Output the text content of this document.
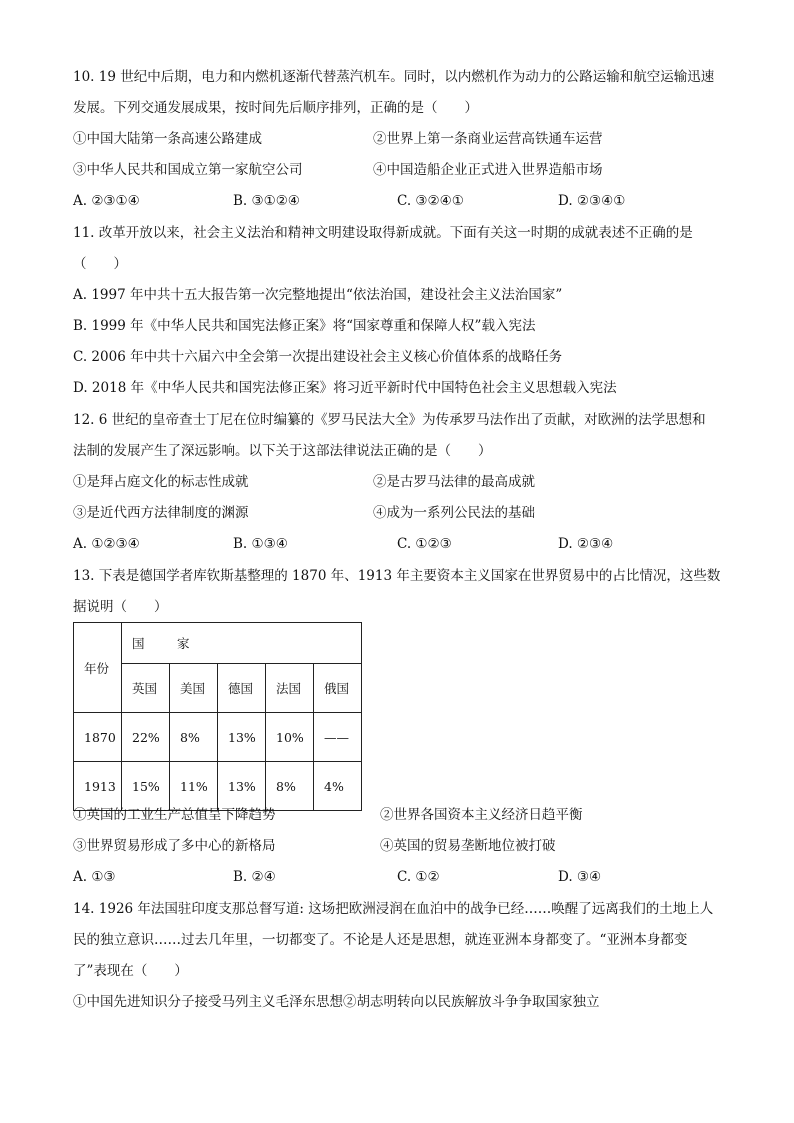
10. 19 世纪中后期，电力和内燃机逐渐代替蒸汽机车。同时，以内燃机作为动力的公路运输和航空运输迅速
发展。下列交通发展成果，按时间先后顺序排列，正确的是（　　）
①中国大陆第一条高速公路建成	②世界上第一条商业运营高铁通车运营
③中华人民共和国成立第一家航空公司	④中国造船企业正式进入世界造船市场
A. ②③①④	B. ③①②④	C. ③②④①	D. ②③④①
11. 改革开放以来，社会主义法治和精神文明建设取得新成就。下面有关这一时期的成就表述不正确的是
（　　）
A. 1997 年中共十五大报告第一次完整地提出“依法治国，建设社会主义法治国家”
B. 1999 年《中华人民共和国宪法修正案》将“国家尊重和保障人权”载入宪法
C. 2006 年中共十六届六中全会第一次提出建设社会主义核心价值体系的战略任务
D. 2018 年《中华人民共和国宪法修正案》将习近平新时代中国特色社会主义思想载入宪法
12. 6 世纪的皇帝查士丁尼在位时编纂的《罗马民法大全》为传承罗马法作出了贡献，对欧洲的法学思想和
法制的发展产生了深远影响。以下关于这部法律说法正确的是（　　）
①是拜占庭文化的标志性成就	②是古罗马法律的最高成就
③是近代西方法律制度的渊源	④成为一系列公民法的基础
A. ①②③④	B. ①③④	C. ①②③	D. ②③④
13. 下表是德国学者库钦斯基整理的 1870 年、1913 年主要资本主义国家在世界贸易中的占比情况，这些数
据说明（　　）
年份	国　家				
	英国	美国	德国	法国	俄国
1870	22%	8%	13%	10%	——
1913	15%	11%	13%	8%	4%
①英国的工业生产总值呈下降趋势	②世界各国资本主义经济日趋平衡
③世界贸易形成了多中心的新格局	④英国的贸易垄断地位被打破
A. ①③	B. ②④	C. ①②	D. ③④
14. 1926 年法国驻印度支那总督写道: 这场把欧洲浸润在血泊中的战争已经……唤醒了远离我们的土地上人
民的独立意识……过去几年里，一切都变了。不论是人还是思想，就连亚洲本身都变了。“亚洲本身都变
了”表现在（　　）
①中国先进知识分子接受马列主义毛泽东思想②胡志明转向以民族解放斗争争取国家独立
